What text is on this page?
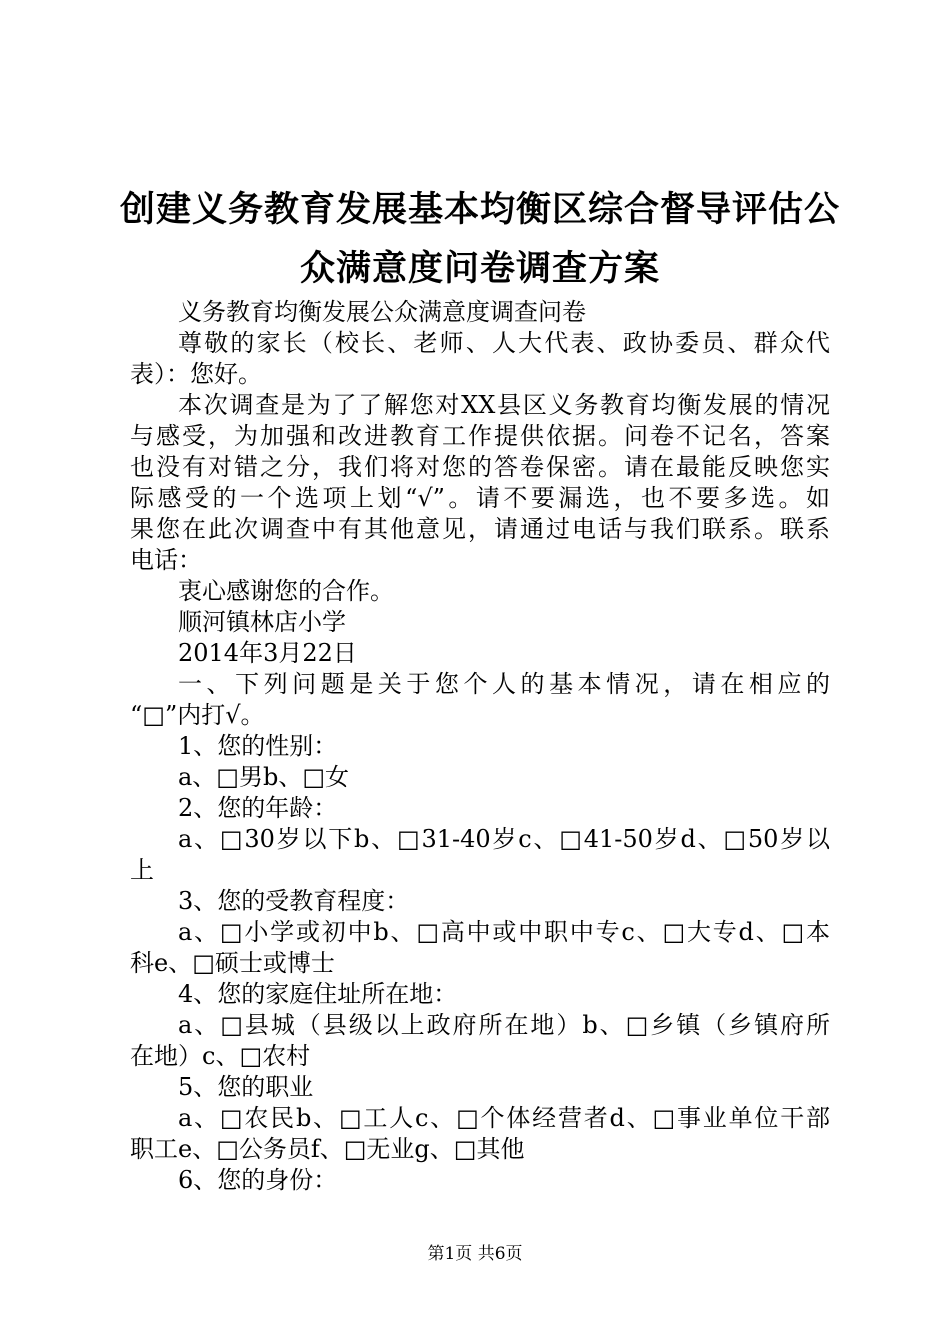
创建义务教育发展基本均衡区综合督导评估公
众满意度问卷调查方案
义务教育均衡发展公众满意度调查问卷
尊敬的家长（校长、老师、人大代表、政协委员、群众代
表）：您好。
本次调查是为了了解您对XX县区义务教育均衡发展的情况
与感受，为加强和改进教育工作提供依据。问卷不记名，答案
也没有对错之分，我们将对您的答卷保密。请在最能反映您实
际感受的一个选项上划“√”。请不要漏选，也不要多选。如
果您在此次调查中有其他意见，请通过电话与我们联系。联系
电话：
衷心感谢您的合作。
顺河镇林店小学
2014年3月22日
一、下列问题是关于您个人的基本情况，请在相应的
“□”内打√。
1、您的性别：
a、□男b、□女
2、您的年龄：
a、□30岁以下b、□31-40岁c、□41-50岁d、□50岁以
上
3、您的受教育程度：
a、□小学或初中b、□高中或中职中专c、□大专d、□本
科e、□硕士或博士
4、您的家庭住址所在地：
a、□县城（县级以上政府所在地）b、□乡镇（乡镇府所
在地）c、□农村
5、您的职业
a、□农民b、□工人c、□个体经营者d、□事业单位干部
职工e、□公务员f、□无业g、□其他
6、您的身份：
第1页 共6页
